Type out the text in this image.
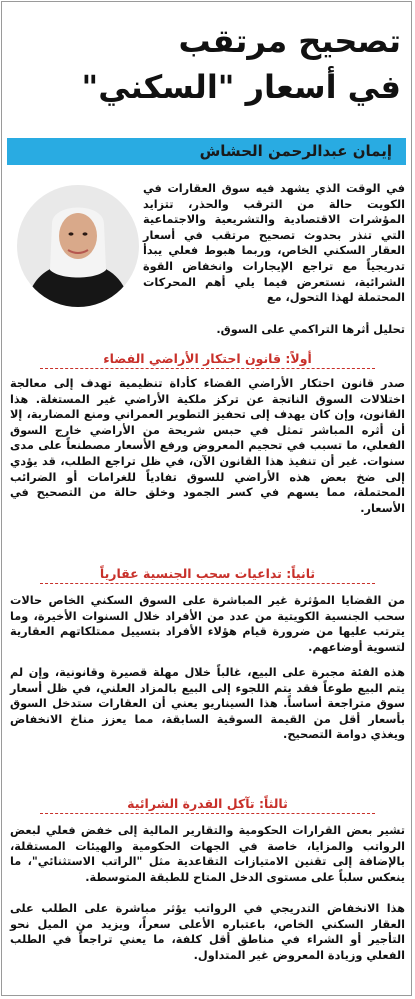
تصحيح مرتقب
في أسعار "السكني"
إيمان عبدالرحمن الحشاش

في الوقت الذي يشهد فيه سوق العقارات في الكويت حالة من الترقب والحذر، تتزايد المؤشرات الاقتصادية والتشريعية والاجتماعية التي تنذر بحدوث تصحيح مرتقب في أسعار العقار السكني الخاص، وربما هبوط فعلي يبدأ تدريجياً مع تراجع الإيجارات وانخفاض القوة الشرائية، نستعرض فيما يلي أهم المحركات المحتملة لهذا التحول، مع

تحليل أثرها التراكمي على السوق.

أولاً: قانون احتكار الأراضي الفضاء

صدر قانون احتكار الأراضي الفضاء كأداة تنظيمية تهدف إلى معالجة اختلالات السوق الناتجة عن تركز ملكية الأراضي غير المستغلة. هذا القانون، وإن كان يهدف إلى تحفيز التطوير العمراني ومنع المضاربة، إلا أن أثره المباشر تمثل في حبس شريحة من الأراضي خارج السوق الفعلي، ما تسبب في تحجيم المعروض ورفع الأسعار مصطنعاً على مدى سنوات. غير أن تنفيذ هذا القانون الآن، في ظل تراجع الطلب، قد يؤدي إلى ضخ بعض هذه الأراضي للسوق تفادياً للغرامات أو الضرائب المحتملة، مما يسهم في كسر الجمود وخلق حالة من التصحيح في الأسعار.

ثانياً: تداعيات سحب الجنسية عقارياً

من القضايا المؤثرة غير المباشرة على السوق السكني الخاص حالات سحب الجنسية الكويتية من عدد من الأفراد خلال السنوات الأخيرة، وما يترتب عليها من ضرورة قيام هؤلاء الأفراد بتسييل ممتلكاتهم العقارية لتسوية أوضاعهم.

هذه الفئة مجبرة على البيع، غالباً خلال مهلة قصيرة وقانونية، وإن لم يتم البيع طوعاً فقد يتم اللجوء إلى البيع بالمزاد العلني، في ظل أسعار سوق متراجعة أساساً. هذا السيناريو يعني أن العقارات ستدخل السوق بأسعار أقل من القيمة السوقية السابقة، مما يعزز مناخ الانخفاض ويغذي دوامة التصحيح.

ثالثاً: تآكل القدرة الشرائية

تشير بعض القرارات الحكومية والتقارير المالية إلى خفض فعلي لبعض الرواتب والمزايا، خاصة في الجهات الحكومية والهيئات المستقلة، بالإضافة إلى تقنين الامتيازات التقاعدية مثل "الراتب الاستثنائي"، ما ينعكس سلباً على مستوى الدخل المتاح للطبقة المتوسطة.

هذا الانخفاض التدريجي في الرواتب يؤثر مباشرة على الطلب على العقار السكني الخاص، باعتباره الأعلى سعراً، ويزيد من الميل نحو التأجير أو الشراء في مناطق أقل كلفة، ما يعني تراجعاً في الطلب الفعلي وزيادة المعروض غير المتداول.
